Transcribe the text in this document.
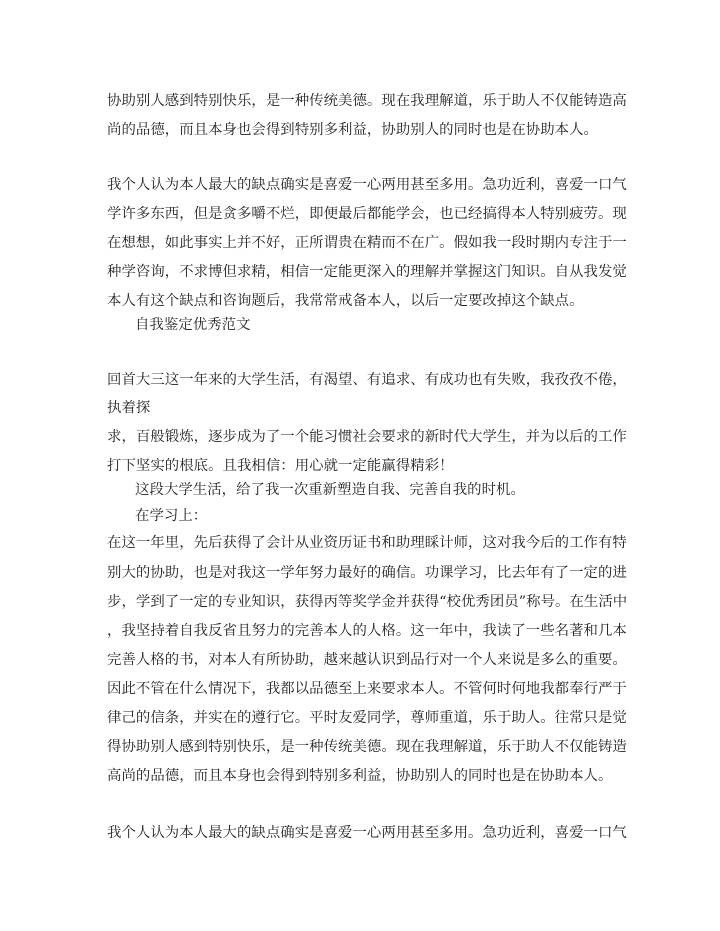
协助别人感到特别快乐，是一种传统美德。现在我理解道，乐于助人不仅能铸造高
尚的品德，而且本身也会得到特别多利益，协助别人的同时也是在协助本人。
我个人认为本人最大的缺点确实是喜爱一心两用甚至多用。急功近利，喜爱一口气
学许多东西，但是贪多嚼不烂，即便最后都能学会，也已经搞得本人特别疲劳。现
在想想，如此事实上并不好，正所谓贵在精而不在广。假如我一段时期内专注于一
种学咨询，不求博但求精，相信一定能更深入的理解并掌握这门知识。自从我发觉
本人有这个缺点和咨询题后，我常常戒备本人，以后一定要改掉这个缺点。
自我鉴定优秀范文
回首大三这一年来的大学生活，有渴望、有追求、有成功也有失败，我孜孜不倦，
执着探
求，百般锻炼，逐步成为了一个能习惯社会要求的新时代大学生，并为以后的工作
打下坚实的根底。且我相信：用心就一定能赢得精彩！
这段大学生活，给了我一次重新塑造自我、完善自我的时机。
在学习上：
在这一年里，先后获得了会计从业资历证书和助理睬计师，这对我今后的工作有特
别大的协助，也是对我这一学年努力最好的确信。功课学习，比去年有了一定的进
步，学到了一定的专业知识，获得丙等奖学金并获得“校优秀团员”称号。在生活中
，我坚持着自我反省且努力的完善本人的人格。这一年中，我读了一些名著和几本
完善人格的书，对本人有所协助，越来越认识到品行对一个人来说是多么的重要。
因此不管在什么情况下，我都以品德至上来要求本人。不管何时何地我都奉行严于
律己的信条，并实在的遵行它。平时友爱同学，尊师重道，乐于助人。往常只是觉
得协助别人感到特别快乐，是一种传统美德。现在我理解道，乐于助人不仅能铸造
高尚的品德，而且本身也会得到特别多利益，协助别人的同时也是在协助本人。
我个人认为本人最大的缺点确实是喜爱一心两用甚至多用。急功近利，喜爱一口气
